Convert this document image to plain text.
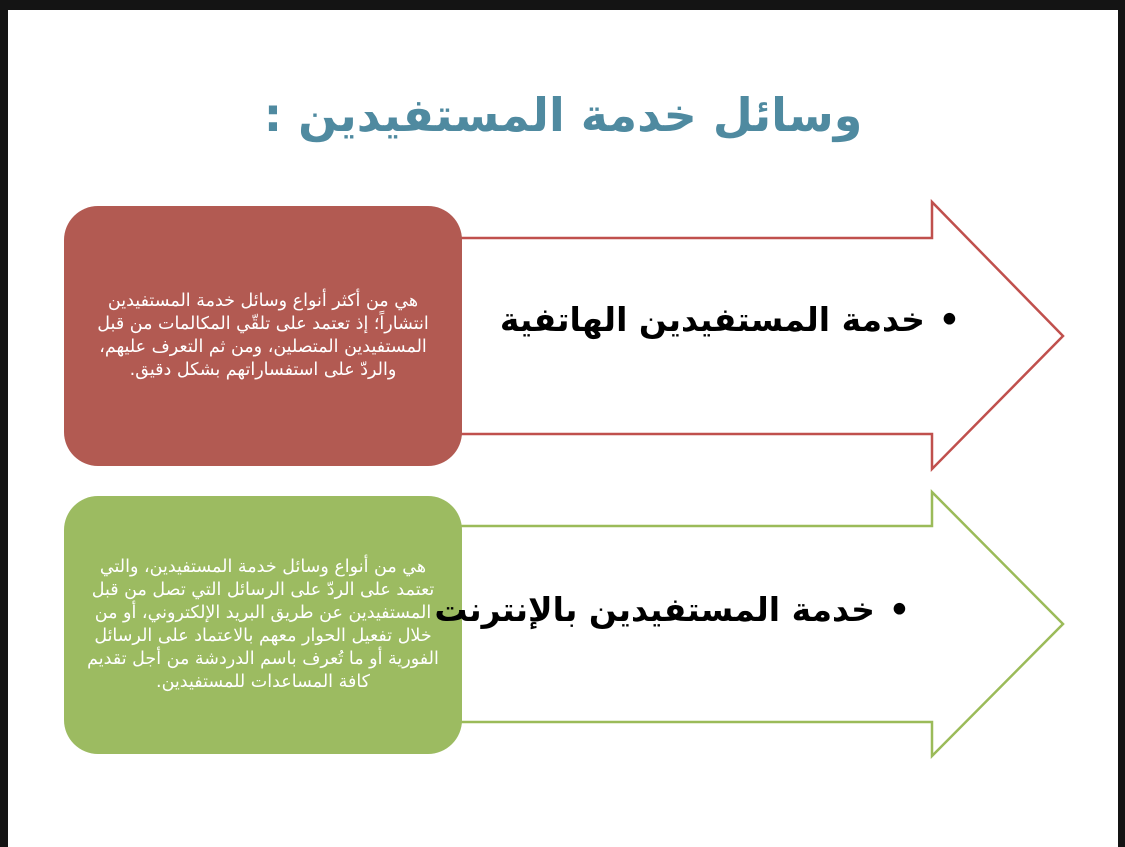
وسائل خدمة المستفيدين :
هي من أكثر أنواع وسائل خدمة المستفيدين انتشاراً؛ إذ تعتمد على تلقّي المكالمات من قبل المستفيدين المتصلين، ومن ثم التعرف عليهم، والردّ على استفساراتهم بشكل دقيق.
•خدمة المستفيدين الهاتفية
هي من أنواع وسائل خدمة المستفيدين، والتي تعتمد على الردّ على الرسائل التي تصل من قبل المستفيدين عن طريق البريد الإلكتروني، أو من خلال تفعيل الحوار معهم بالاعتماد على الرسائل الفورية أو ما تُعرف باسم الدردشة من أجل تقديم كافة المساعدات للمستفيدين.
•خدمة المستفيدين بالإنترنت
